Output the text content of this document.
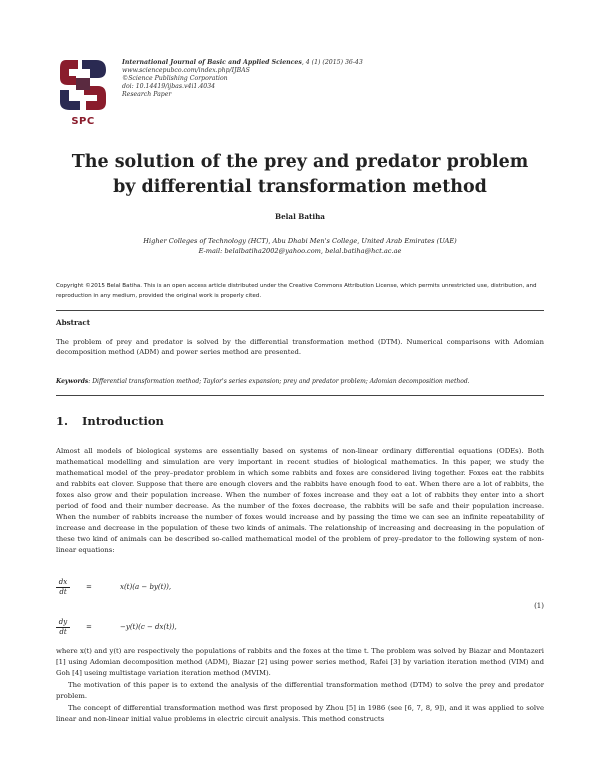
SPC
International Journal of Basic and Applied Sciences, 4 (1) (2015) 36-43
www.sciencepubco.com/index.php/IJBAS
©Science Publishing Corporation
doi: 10.14419/ijbas.v4i1.4034
Research Paper
The solution of the prey and predator problem
by differential transformation method
Belal Batiha
Higher Colleges of Technology (HCT), Abu Dhabi Men's College, United Arab Emirates (UAE)
E-mail: belalbatiha2002@yahoo.com, belal.batiha@hct.ac.ae
Copyright ©2015 Belal Batiha. This is an open access article distributed under the Creative Commons Attribution License, which permits unrestricted use, distribution, and reproduction in any medium, provided the original work is properly cited.
Abstract
The problem of prey and predator is solved by the differential transformation method (DTM). Numerical comparisons with Adomian decomposition method (ADM) and power series method are presented.
Keywords: Differential transformation method; Taylor's series expansion; prey and predator problem; Adomian decomposition method.
1. Introduction
Almost all models of biological systems are essentially based on systems of non-linear ordinary differential equations (ODEs). Both mathematical modelling and simulation are very important in recent studies of biological mathematics. In this paper, we study the mathematical model of the prey–predator problem in which some rabbits and foxes are considered living together. Foxes eat the rabbits and rabbits eat clover. Suppose that there are enough clovers and the rabbits have enough food to eat. When there are a lot of rabbits, the foxes also grow and their population increase. When the number of foxes increase and they eat a lot of rabbits they enter into a short period of food and their number decrease. As the number of the foxes decrease, the rabbits will be safe and their population increase. When the number of rabbits increase the number of foxes would increase and by passing the time we can see an infinite repeatability of increase and decrease in the population of these two kinds of animals. The relationship of increasing and decreasing in the population of these two kind of animals can be described so-called mathematical model of the problem of prey–predator to the following system of non-linear equations:
$\frac{dx}{dt}$ =	x(t)(a − by(t)),
(1)
$\frac{dy}{dt}$ =	−y(t)(c − dx(t)),
where x(t) and y(t) are respectively the populations of rabbits and the foxes at the time t. The problem was solved by Biazar and Montazeri [1] using Adomian decomposition method (ADM), Biazar [2] using power series method, Rafei [3] by variation iteration method (VIM) and Goh [4] useing multistage variation iteration method (MVIM).
The motivation of this paper is to extend the analysis of the differential transformation method (DTM) to solve the prey and predator problem.
The concept of differential transformation method was first proposed by Zhou [5] in 1986 (see [6, 7, 8, 9]), and it was applied to solve linear and non-linear initial value problems in electric circuit analysis. This method constructs
